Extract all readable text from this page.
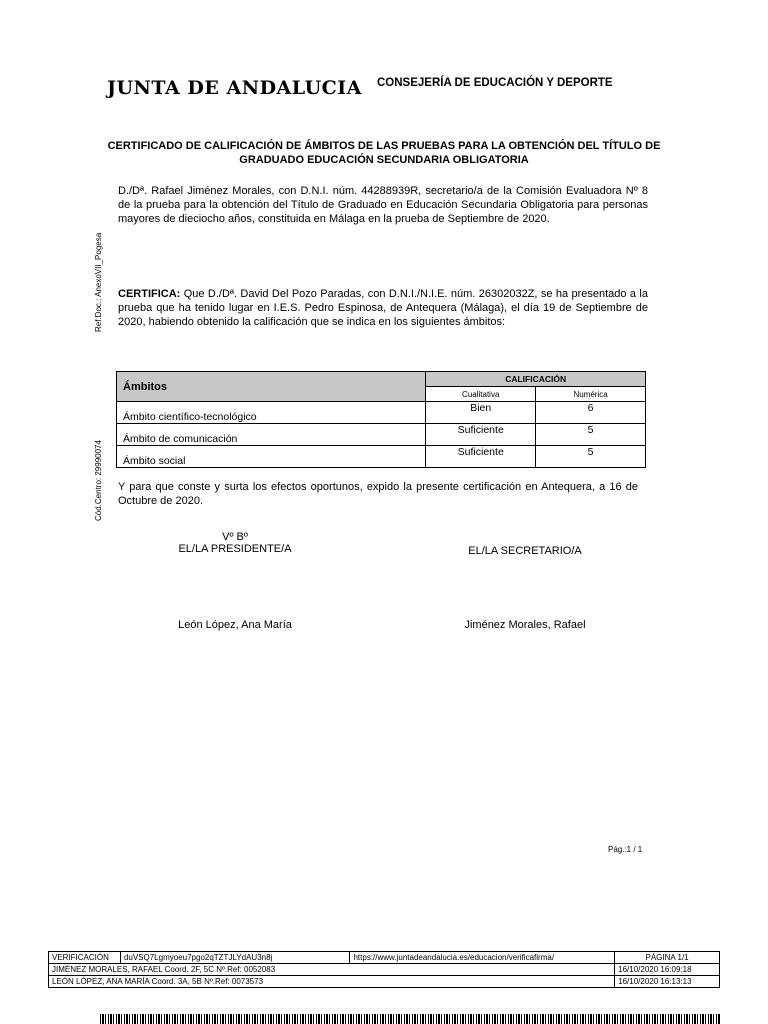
JUNTA DE ANDALUCIA CONSEJERÍA DE EDUCACIÓN Y DEPORTE
CERTIFICADO DE CALIFICACIÓN DE ÁMBITOS DE LAS PRUEBAS PARA LA OBTENCIÓN DEL TÍTULO DE
GRADUADO EDUCACIÓN SECUNDARIA OBLIGATORIA
Ref.Doc.: AnexoVII_Pogesa
Cód.Centro: 29990074
D./Dª. Rafael Jiménez Morales, con D.N.I. núm. 44288939R, secretario/a de la Comisión Evaluadora Nº 8 de la prueba para la obtención del Título de Graduado en Educación Secundaria Obligatoria para personas mayores de dieciocho años, constituida en Málaga en la prueba de Septiembre de 2020.
CERTIFICA: Que D./Dª. David Del Pozo Paradas, con D.N.I./N.I.E. núm. 26302032Z, se ha presentado a la prueba que ha tenido lugar en I.E.S. Pedro Espinosa, de Antequera (Málaga), el día 19 de Septiembre de 2020, habiendo obtenido la calificación que se indica en los siguientes ámbitos:
Ámbitos	CALIFICACIÓN	
	Cualitativa	Numérica
Ámbito científico-tecnológico	Bien	6
Ámbito de comunicación	Suficiente	5
Ámbito social	Suficiente	5
Y para que conste y surta los efectos oportunos, expido la presente certificación en Antequera, a 16 de Octubre de 2020.
Vº Bº
EL/LA PRESIDENTE/A	EL/LA SECRETARIO/A
León López, Ana María	Jiménez Morales, Rafael
Pág.:1 / 1
VERIFICACIÓN	duVSQ7Lgmyoeu7pgo2qTZTJLYdAU3n8j	https://www.juntadeandalucia.es/educacion/verificafirma/	PÁGINA 1/1
JIMÉNEZ MORALES, RAFAEL Coord. 2F, 5C Nº.Ref: 0052083			16/10/2020 16:09:18
LEÓN LÓPEZ, ANA MARÍA Coord. 3A, 5B Nº.Ref: 0073573			16/10/2020 16:13:13
